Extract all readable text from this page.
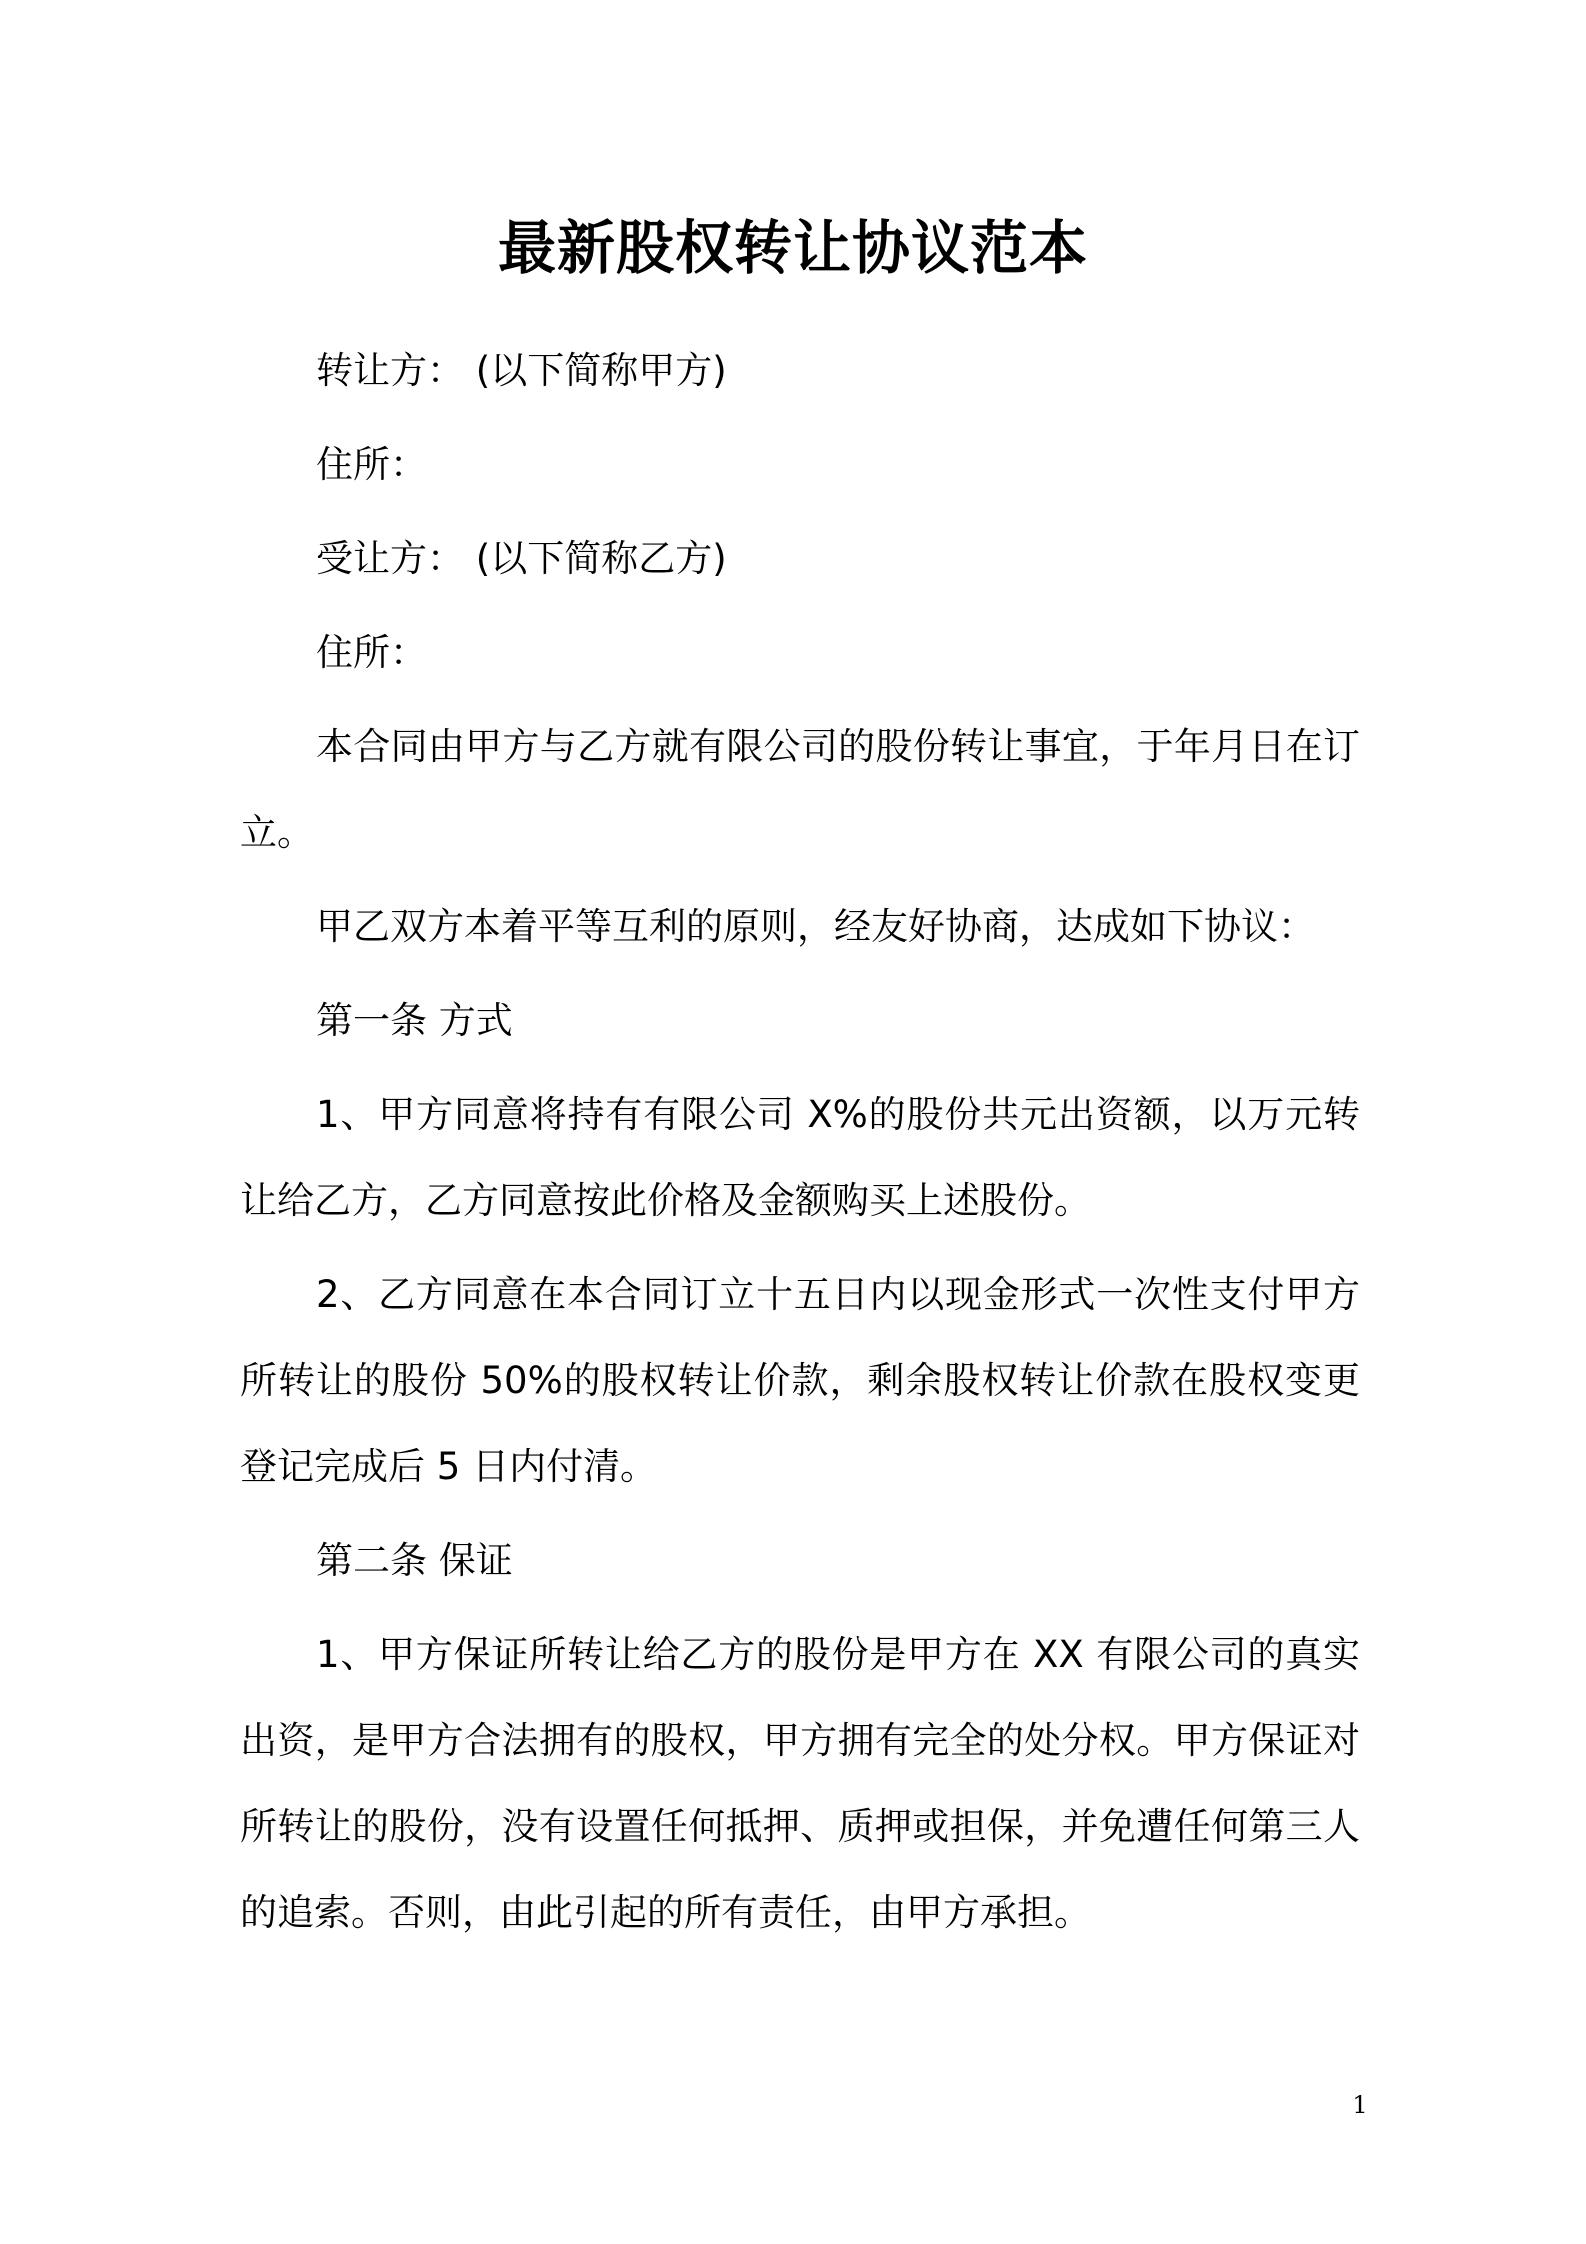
最新股权转让协议范本

转让方： (以下简称甲方)

住所：

受让方： (以下简称乙方)

住所：

本合同由甲方与乙方就有限公司的股份转让事宜，于年月日在订立。

甲乙双方本着平等互利的原则，经友好协商，达成如下协议：

第一条 方式

1、甲方同意将持有有限公司 X%的股份共元出资额，以万元转让给乙方，乙方同意按此价格及金额购买上述股份。

2、乙方同意在本合同订立十五日内以现金形式一次性支付甲方所转让的股份 50%的股权转让价款，剩余股权转让价款在股权变更登记完成后 5 日内付清。

第二条 保证

1、甲方保证所转让给乙方的股份是甲方在 XX 有限公司的真实出资，是甲方合法拥有的股权，甲方拥有完全的处分权。甲方保证对所转让的股份，没有设置任何抵押、质押或担保，并免遭任何第三人的追索。否则，由此引起的所有责任，由甲方承担。

1
